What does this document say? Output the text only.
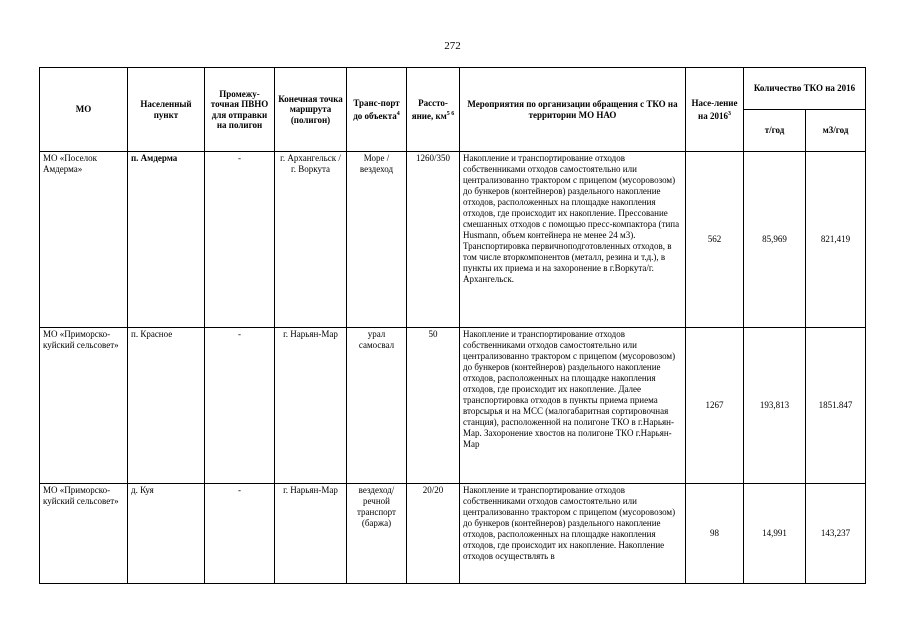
272
МО	Населенный пункт	Промежу-точная ПВНО для отправки на полигон	Конечная точка маршрута (полигон)	Транс-порт до объекта$^4$	Рассто-яние, $км^{5 6}$	Мероприятия по организации обращения с ТКО на территории МО НАО	Насе-ление на 2016$^3$	Количество ТКО на 2016	
								т/год	м3/год
МО «Поселок Амдерма»	п. Амдерма	-	г. Архангельск / г. Воркута	Море / вездеход	1260/350	Накопление и транспортирование отходов собственниками отходов самостоятельно или централизованно трактором с прицепом (мусоровозом) до бункеров (контейнеров) раздельного накопление отходов, расположенных на площадке накопления отходов, где происходит их накопление. Прессование смешанных отходов с помощью пресс-компактора (типа Husmann, объем контейнера не менее 24 м3). Транспортировка первичноподготовленных отходов, в том числе вторкомпонентов (металл, резина и т.д.), в пункты их приема и на захоронение в г.Воркута/г. Архангельск.	562	85,969	821,419
МО «Приморско-куйский сельсовет»	п. Красное	-	г. Нарьян-Мар	урал самосвал	50	Накопление и транспортирование отходов собственниками отходов самостоятельно или централизованно трактором с прицепом (мусоровозом) до бункеров (контейнеров) раздельного накопление отходов, расположенных на площадке накопления отходов, где происходит их накопление. Далее транспортировка отходов в пункты приема приема вторсырья и на МСС (малогабаритная сортировочная станция), расположенной на полигоне ТКО в г.Нарьян-Мар. Захоронение хвостов на полигоне ТКО г.Нарьян-Мар	1267	193,813	1851.847
МО «Приморско-куйский сельсовет»	д. Куя	-	г. Нарьян-Мар	вездеход/ речной транспорт (баржа)	20/20	Накопление и транспортирование отходов собственниками отходов самостоятельно или централизованно трактором с прицепом (мусоровозом) до бункеров (контейнеров) раздельного накопление отходов, расположенных на площадке накопления отходов, где происходит их накопление. Накопление отходов осуществлять в	98	14,991	143,237
